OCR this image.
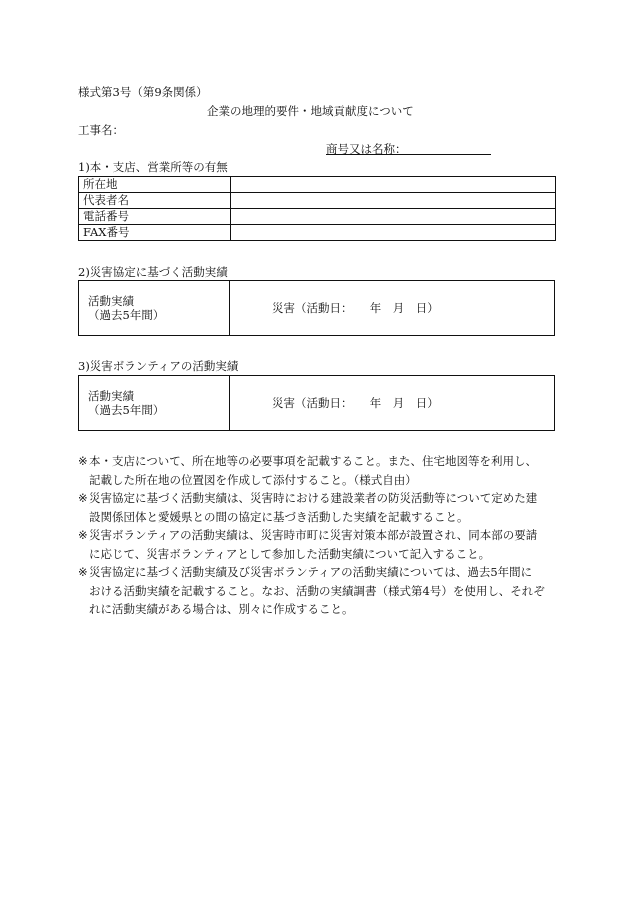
様式第3号（第9条関係）
企業の地理的要件・地域貢献度について
工事名：
商号又は名称：
1)本・支店、営業所等の有無
所在地	
代表者名	
電話番号	
FAX番号	
2)災害協定に基づく活動実績
活動実績
（過去5年間）	災害（活動日：　　年　月　日）
3)災害ボランティアの活動実績
活動実績
（過去5年間）	災害（活動日：　　年　月　日）
※ 本・支店について、所在地等の必要事項を記載すること。また、住宅地図等を利用し、
記載した所在地の位置図を作成して添付すること。（様式自由）
※ 災害協定に基づく活動実績は、災害時における建設業者の防災活動等について定めた建
設関係団体と愛媛県との間の協定に基づき活動した実績を記載すること。
※ 災害ボランティアの活動実績は、災害時市町に災害対策本部が設置され、同本部の要請
に応じて、災害ボランティアとして参加した活動実績について記入すること。
※ 災害協定に基づく活動実績及び災害ボランティアの活動実績については、過去5年間に
おける活動実績を記載すること。なお、活動の実績調書（様式第4号）を使用し、それぞ
れに活動実績がある場合は、別々に作成すること。
